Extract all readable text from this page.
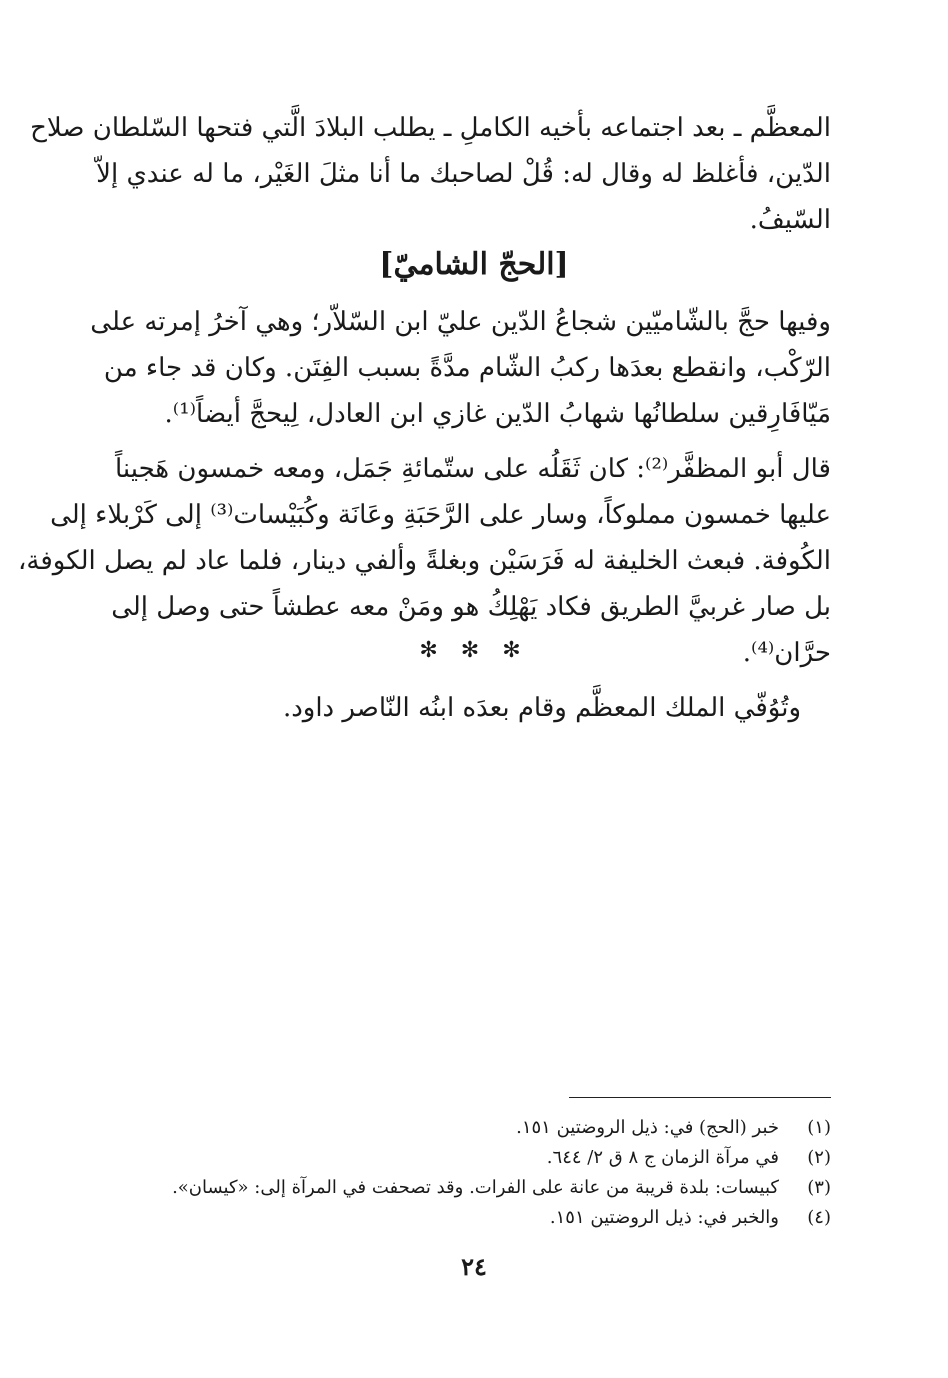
المعظَّم ـ بعد اجتماعه بأخيه الكاملِ ـ يطلب البلادَ الَّتي فتحها السّلطان صلاح
الدّين، فأغلظ له وقال له: قُلْ لصاحبك ما أنا مثلَ الغَيْر، ما له عندي إلاّ
السّيفُ.
[الحجّ الشاميّ]
وفيها حجَّ بالشّاميّين شجاعُ الدّين عليّ ابن السّلاّر؛ وهي آخرُ إمرته على
الرّكْب، وانقطع بعدَها ركبُ الشّام مدَّةً بسبب الفِتَن. وكان قد جاء من
مَيّافَارِقين سلطانُها شهابُ الدّين غازي ابن العادل، لِيحجَّ أيضاً⁽¹⁾.
قال أبو المظفَّر⁽²⁾: كان ثَقَلُه على ستّمائةِ جَمَل، ومعه خمسون هَجيناً
عليها خمسون مملوكاً، وسار على الرَّحَبَةِ وعَانَة وكُبَيْسات⁽³⁾ إلى كَرْبلاء إلى
الكُوفة. فبعث الخليفة له فَرَسَيْن وبغلةً وألفي دينار، فلما عاد لم يصل الكوفة،
بل صار غربيَّ الطريق فكاد يَهْلِكُ هو ومَنْ معه عطشاً حتى وصل إلى
حرَّان⁽⁴⁾.
✻ ✻ ✻
وتُوُفّي الملك المعظَّم وقام بعدَه ابنُه النّاصر داود.
(١)خبر (الحج) في: ذيل الروضتين ١٥١.
(٢)في مرآة الزمان ج ٨ ق ٢/ ٦٤٤.
(٣)كبيسات: بلدة قريبة من عانة على الفرات. وقد تصحفت في المرآة إلى: «كيسان».
(٤)والخبر في: ذيل الروضتين ١٥١.
٢٤
